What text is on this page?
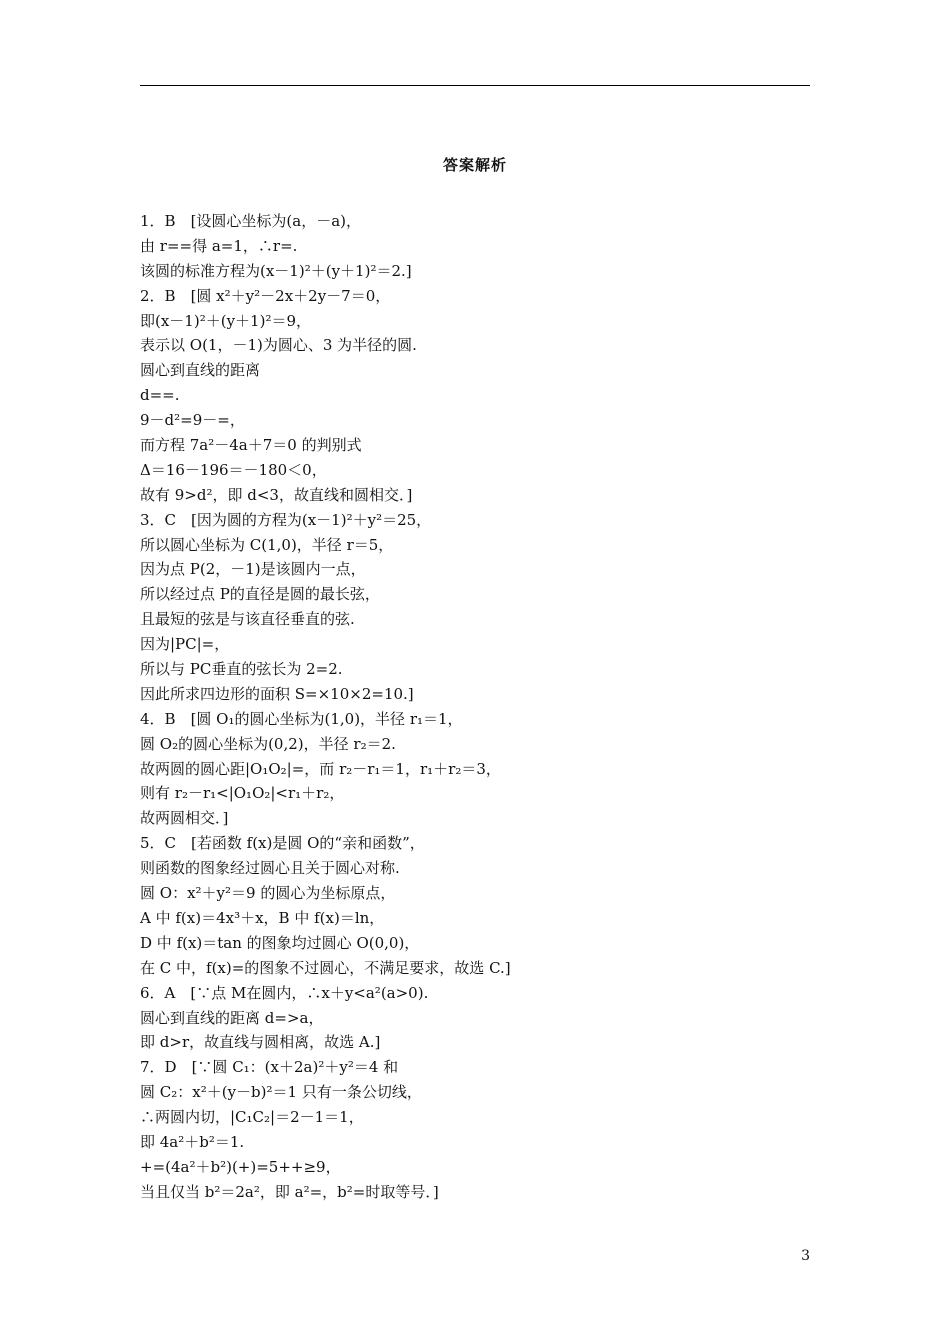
答案解析
1．B　[设圆心坐标为(a，－a)，
由 r==得 a=1，∴r=.
该圆的标准方程为(x－1)²＋(y＋1)²＝2.]
2．B　[圆 x²＋y²－2x＋2y－7＝0，
即(x－1)²＋(y＋1)²＝9，
表示以 O(1，－1)为圆心、3 为半径的圆.
圆心到直线的距离
d==.
9－d²=9－=，
而方程 7a²－4a＋7＝0 的判别式
Δ＝16－196＝－180＜0，
故有 9>d²，即 d<3，故直线和圆相交．]
3．C　[因为圆的方程为(x－1)²＋y²＝25，
所以圆心坐标为 C(1,0)，半径 r＝5，
因为点 P(2，－1)是该圆内一点，
所以经过点 P的直径是圆的最长弦，
且最短的弦是与该直径垂直的弦.
因为|PC|=，
所以与 PC垂直的弦长为 2=2.
因此所求四边形的面积 S=×10×2=10.]
4．B　[圆 O₁的圆心坐标为(1,0)，半径 r₁＝1，
圆 O₂的圆心坐标为(0,2)，半径 r₂＝2.
故两圆的圆心距|O₁O₂|=，而 r₂－r₁＝1，r₁＋r₂＝3，
则有 r₂－r₁<|O₁O₂|<r₁＋r₂，
故两圆相交．]
5．C　[若函数 f(x)是圆 O的“亲和函数”，
则函数的图象经过圆心且关于圆心对称.
圆 O：x²＋y²＝9 的圆心为坐标原点，
A 中 f(x)＝4x³＋x，B 中 f(x)＝ln，
D 中 f(x)＝tan 的图象均过圆心 O(0,0)，
在 C 中，f(x)=的图象不过圆心，不满足要求，故选 C.]
6．A　[∵点 M在圆内，∴x＋y<a²(a>0).
圆心到直线的距离 d=>a，
即 d>r，故直线与圆相离，故选 A.]
7．D　[∵圆 C₁：(x＋2a)²＋y²＝4 和
圆 C₂：x²＋(y－b)²＝1 只有一条公切线，
∴两圆内切，|C₁C₂|＝2－1＝1，
即 4a²＋b²＝1.
+=(4a²＋b²)(+)=5++≥9，
当且仅当 b²＝2a²，即 a²=，b²=时取等号．]
3
